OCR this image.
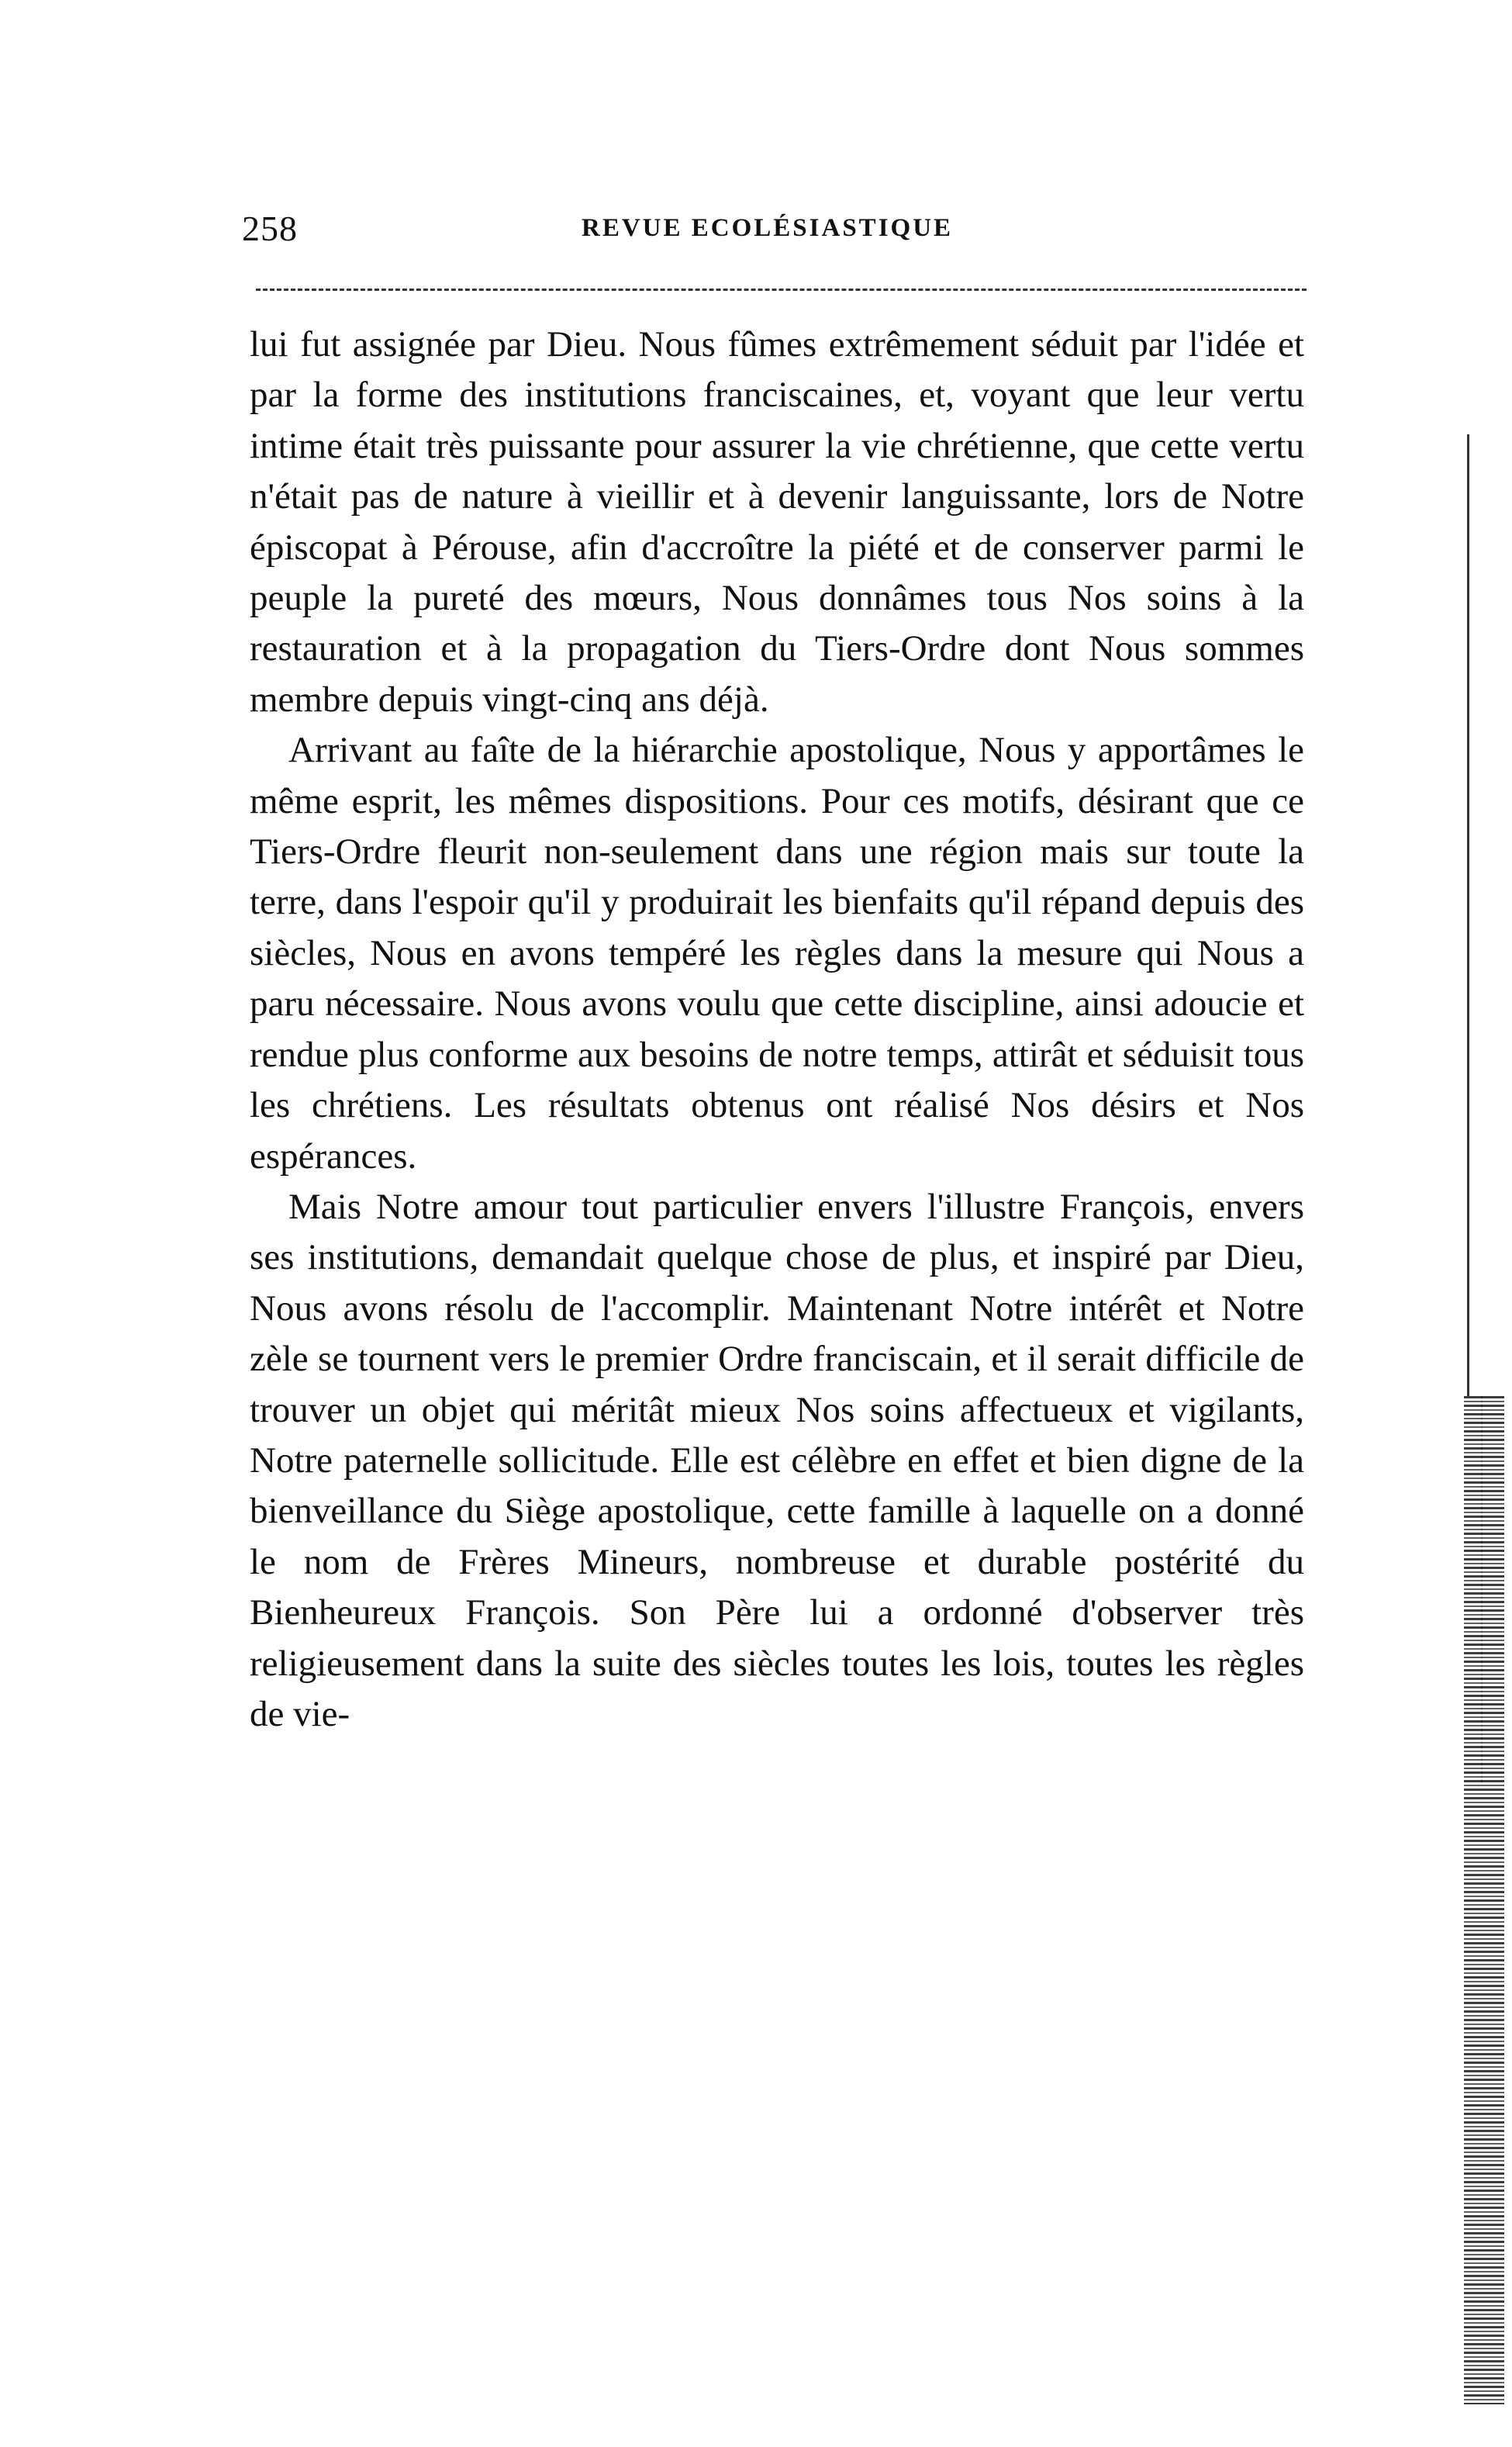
258	REVUE ECOLÉSIASTIQUE

lui fut assignée par Dieu. Nous fûmes extrêmement séduit par l'idée et par la forme des institutions franciscaines, et, voyant que leur vertu intime était très puissante pour assurer la vie chrétienne, que cette vertu n'était pas de nature à vieillir et à devenir languissante, lors de Notre épiscopat à Pérouse, afin d'accroître la piété et de conserver parmi le peuple la pureté des mœurs, Nous donnâmes tous Nos soins à la restauration et à la propagation du Tiers-Ordre dont Nous sommes membre depuis vingt-cinq ans déjà.

Arrivant au faîte de la hiérarchie apostolique, Nous y apportâmes le même esprit, les mêmes dispositions. Pour ces motifs, désirant que ce Tiers-Ordre fleurit non-seulement dans une région mais sur toute la terre, dans l'espoir qu'il y produirait les bienfaits qu'il répand depuis des siècles, Nous en avons tempéré les règles dans la mesure qui Nous a paru nécessaire. Nous avons voulu que cette discipline, ainsi adoucie et rendue plus conforme aux besoins de notre temps, attirât et séduisit tous les chrétiens. Les résultats obtenus ont réalisé Nos désirs et Nos espérances.

Mais Notre amour tout particulier envers l'illustre François, envers ses institutions, demandait quelque chose de plus, et inspiré par Dieu, Nous avons résolu de l'accomplir. Maintenant Notre intérêt et Notre zèle se tournent vers le premier Ordre franciscain, et il serait difficile de trouver un objet qui méritât mieux Nos soins affectueux et vigilants, Notre paternelle sollicitude. Elle est célèbre en effet et bien digne de la bienveillance du Siège apostolique, cette famille à laquelle on a donné le nom de Frères Mineurs, nombreuse et durable postérité du Bienheureux François. Son Père lui a ordonné d'observer très religieusement dans la suite des siècles toutes les lois, toutes les règles de vie-
